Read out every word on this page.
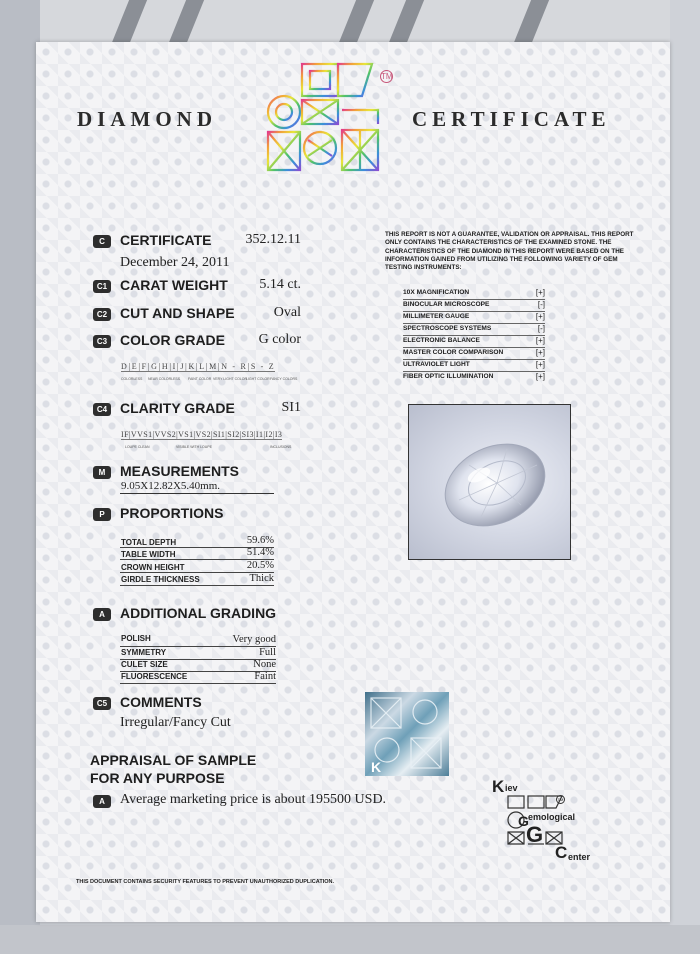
DIAMOND	CERTIFICATE
TM
C	CERTIFICATE	352.12.11
December 24, 2011
C1 CARAT WEIGHT	5.14 ct.
C2 CUT AND SHAPE	Oval
C3 COLOR GRADE	G color
D|E|F|G|H|I|J|K|L|M|N - R|S - Z
COLORLESS NEAR COLORLESS FAINT COLOR VERY LIGHT COLOR
LIGHT COLOR FANCY COLORS
C4 CLARITY GRADE	SI1
IF|VVS1|VVS2|VS1|VS2|SI1|SI2|SI3|I1|I2|I3
LOUPE CLEAN	VISIBLE WITH LOUPE	INCLUSIONS
M	MEASUREMENTS
9.05X12.82X5.40mm.
P	PROPORTIONS
TOTAL DEPTH	59.6%
TABLE WIDTH	51.4%
CROWN HEIGHT	20.5%
GIRDLE THICKNESS	Thick
A	ADDITIONAL GRADING
POLISH	Very good
SYMMETRY	Full
CULET SIZE	None
FLUORESCENCE	Faint
C5 COMMENTS
Irregular/Fancy Cut
APPRAISAL OF SAMPLE
FOR ANY PURPOSE
A	Average marketing price is about 195500 USD.
THIS REPORT IS NOT A GUARANTEE, VALIDATION OR APPRAISAL. THIS REPORT ONLY CONTAINS THE CHARACTERISTICS OF THE EXAMINED STONE. THE CHARACTERISTICS OF THE DIAMOND IN THIS REPORT WERE BASED ON THE INFORMATION GAINED FROM UTILIZING THE FOLLOWING VARIETY OF GEM TESTING INSTRUMENTS:
10X MAGNIFICATION	[+]
BINOCULAR MICROSCOPE	[-]
MILLIMETER GAUGE	[+]
SPECTROSCOPE SYSTEMS	[-]
ELECTRONIC BALANCE	[+]
MASTER COLOR COMPARISON	[+]
ULTRAVIOLET LIGHT	[+]
FIBER OPTIC ILLUMINATION	[+]
K
K iev
G emological
G
C enter
TM
THIS DOCUMENT CONTAINS SECURITY FEATURES TO PREVENT UNAUTHORIZED DUPLICATION.
